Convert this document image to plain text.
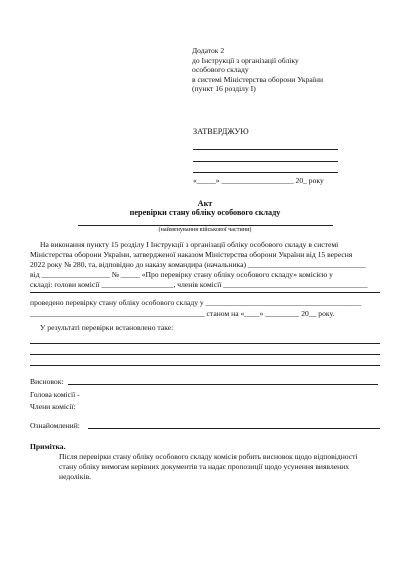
Додаток 2
до Інструкції з організації обліку
особового складу
в системі Міністерства оборони України
(пункт 16 розділу І)
ЗАТВЕРДЖУЮ
«_____» ___________________ 20_ року
Акт
перевірки стану обліку особового складу
(найменування військової частини)
На виконання пункту 15 розділу І Інструкції з організації обліку особового складу в системі
Міністерства оборони України, затвердженої наказом Міністерства оборони України від 15 вересня
2022 року № 280, та, відповідно до наказу командира (начальника) _______________________________
від __________________ № _____ «Про перевірку стану обліку особового складу» комісією у
складі: голови комісії ___________________, членів комісії ______________________________________
проведено перевірку стану обліку особового складу у _________________________________________
______________________________________________ станом на «____» _________ 20__ року.
У результаті перевірки встановлено таке:
Висновок:
Голова комісії -
Члени комісії:
Ознайомлений:
Примітка.
Після перевірки стану обліку особового складу комісія робить висновок щодо відповідності
стану обліку вимогам керівних документів та надає пропозиції щодо усунення виявлених
недоліків.
